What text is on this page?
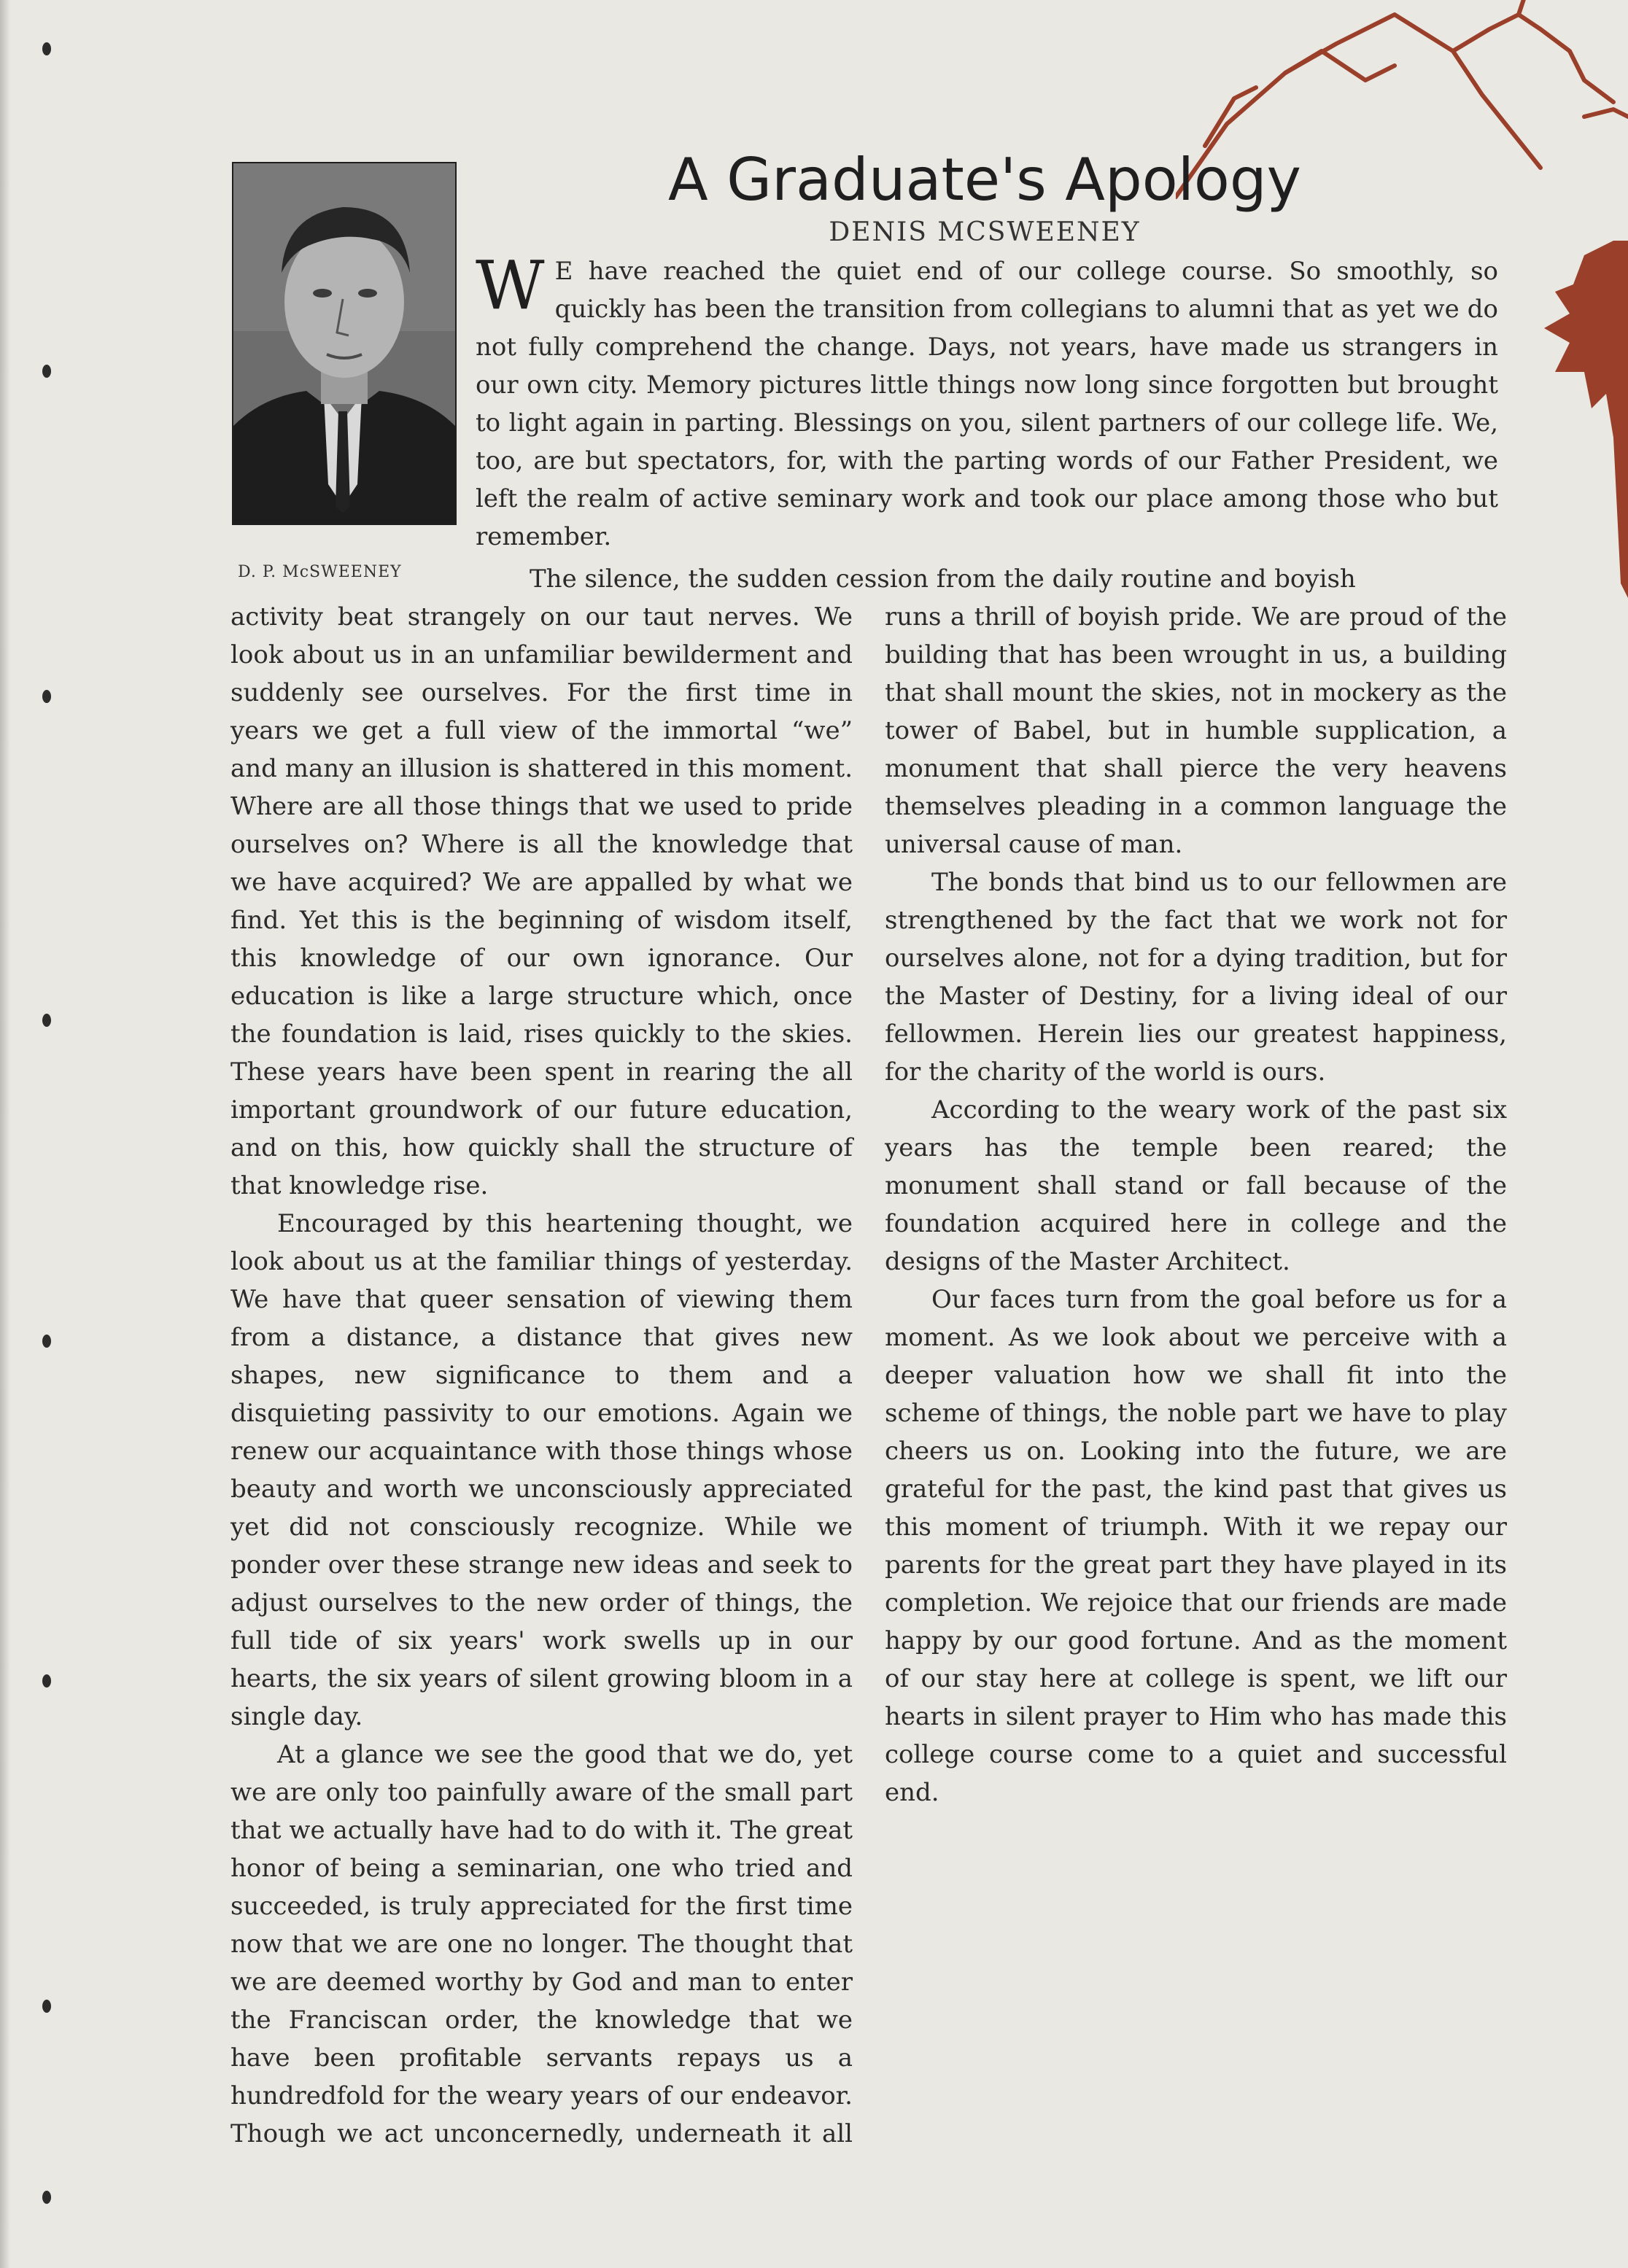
D. P. McSWEENEY
A Graduate's Apology
DENIS MCSWEENEY

W E have reached the quiet end of our college course. So smoothly, so quickly has been the transition from collegians to alumni that as yet we do not fully comprehend the change. Days, not years, have made us strangers in our own city. Memory pictures little things now long since forgotten but brought to light again in parting. Blessings on you, silent partners of our college life. We, too, are but spectators, for, with the parting words of our Father President, we left the realm of active seminary work and took our place among those who but remember.

The silence, the sudden cession from the daily routine and boyish

activity beat strangely on our taut nerves. We look about us in an unfamiliar bewilderment and suddenly see ourselves. For the first time in years we get a full view of the immortal “we” and many an illusion is shattered in this moment. Where are all those things that we used to pride ourselves on? Where is all the knowledge that we have acquired? We are appalled by what we find. Yet this is the beginning of wisdom itself, this knowledge of our own ignorance. Our education is like a large structure which, once the foundation is laid, rises quickly to the skies. These years have been spent in rearing the all important groundwork of our future education, and on this, how quickly shall the structure of that knowledge rise.

Encouraged by this heartening thought, we look about us at the familiar things of yesterday. We have that queer sensation of viewing them from a distance, a distance that gives new shapes, new significance to them and a disquieting passivity to our emotions. Again we renew our acquaintance with those things whose beauty and worth we unconsciously appreciated yet did not consciously recognize. While we ponder over these strange new ideas and seek to adjust ourselves to the new order of things, the full tide of six years' work swells up in our hearts, the six years of silent growing bloom in a single day.

At a glance we see the good that we do, yet we are only too painfully aware of the small part that we actually have had to do with it. The great honor of being a seminarian, one who tried and succeeded, is truly appreciated for the first time now that we are one no longer. The thought that we are deemed worthy by God and man to enter the Franciscan order, the knowledge that we have been profitable servants repays us a hundredfold for the weary years of our endeavor. Though we act unconcernedly, underneath it all runs a thrill of boyish pride. We are proud of the building that has been wrought in us, a building that shall mount the skies, not in mockery as the tower of Babel, but in humble supplication, a monument that shall pierce the very heavens themselves pleading in a common language the universal cause of man.

The bonds that bind us to our fellowmen are strengthened by the fact that we work not for ourselves alone, not for a dying tradition, but for the Master of Destiny, for a living ideal of our fellowmen. Herein lies our greatest happiness, for the charity of the world is ours.

According to the weary work of the past six years has the temple been reared; the monument shall stand or fall because of the foundation acquired here in college and the designs of the Master Architect.

Our faces turn from the goal before us for a moment. As we look about we perceive with a deeper valuation how we shall fit into the scheme of things, the noble part we have to play cheers us on. Looking into the future, we are grateful for the past, the kind past that gives us this moment of triumph. With it we repay our parents for the great part they have played in its completion. We rejoice that our friends are made happy by our good fortune. And as the moment of our stay here at college is spent, we lift our hearts in silent prayer to Him who has made this college course come to a quiet and successful end.
